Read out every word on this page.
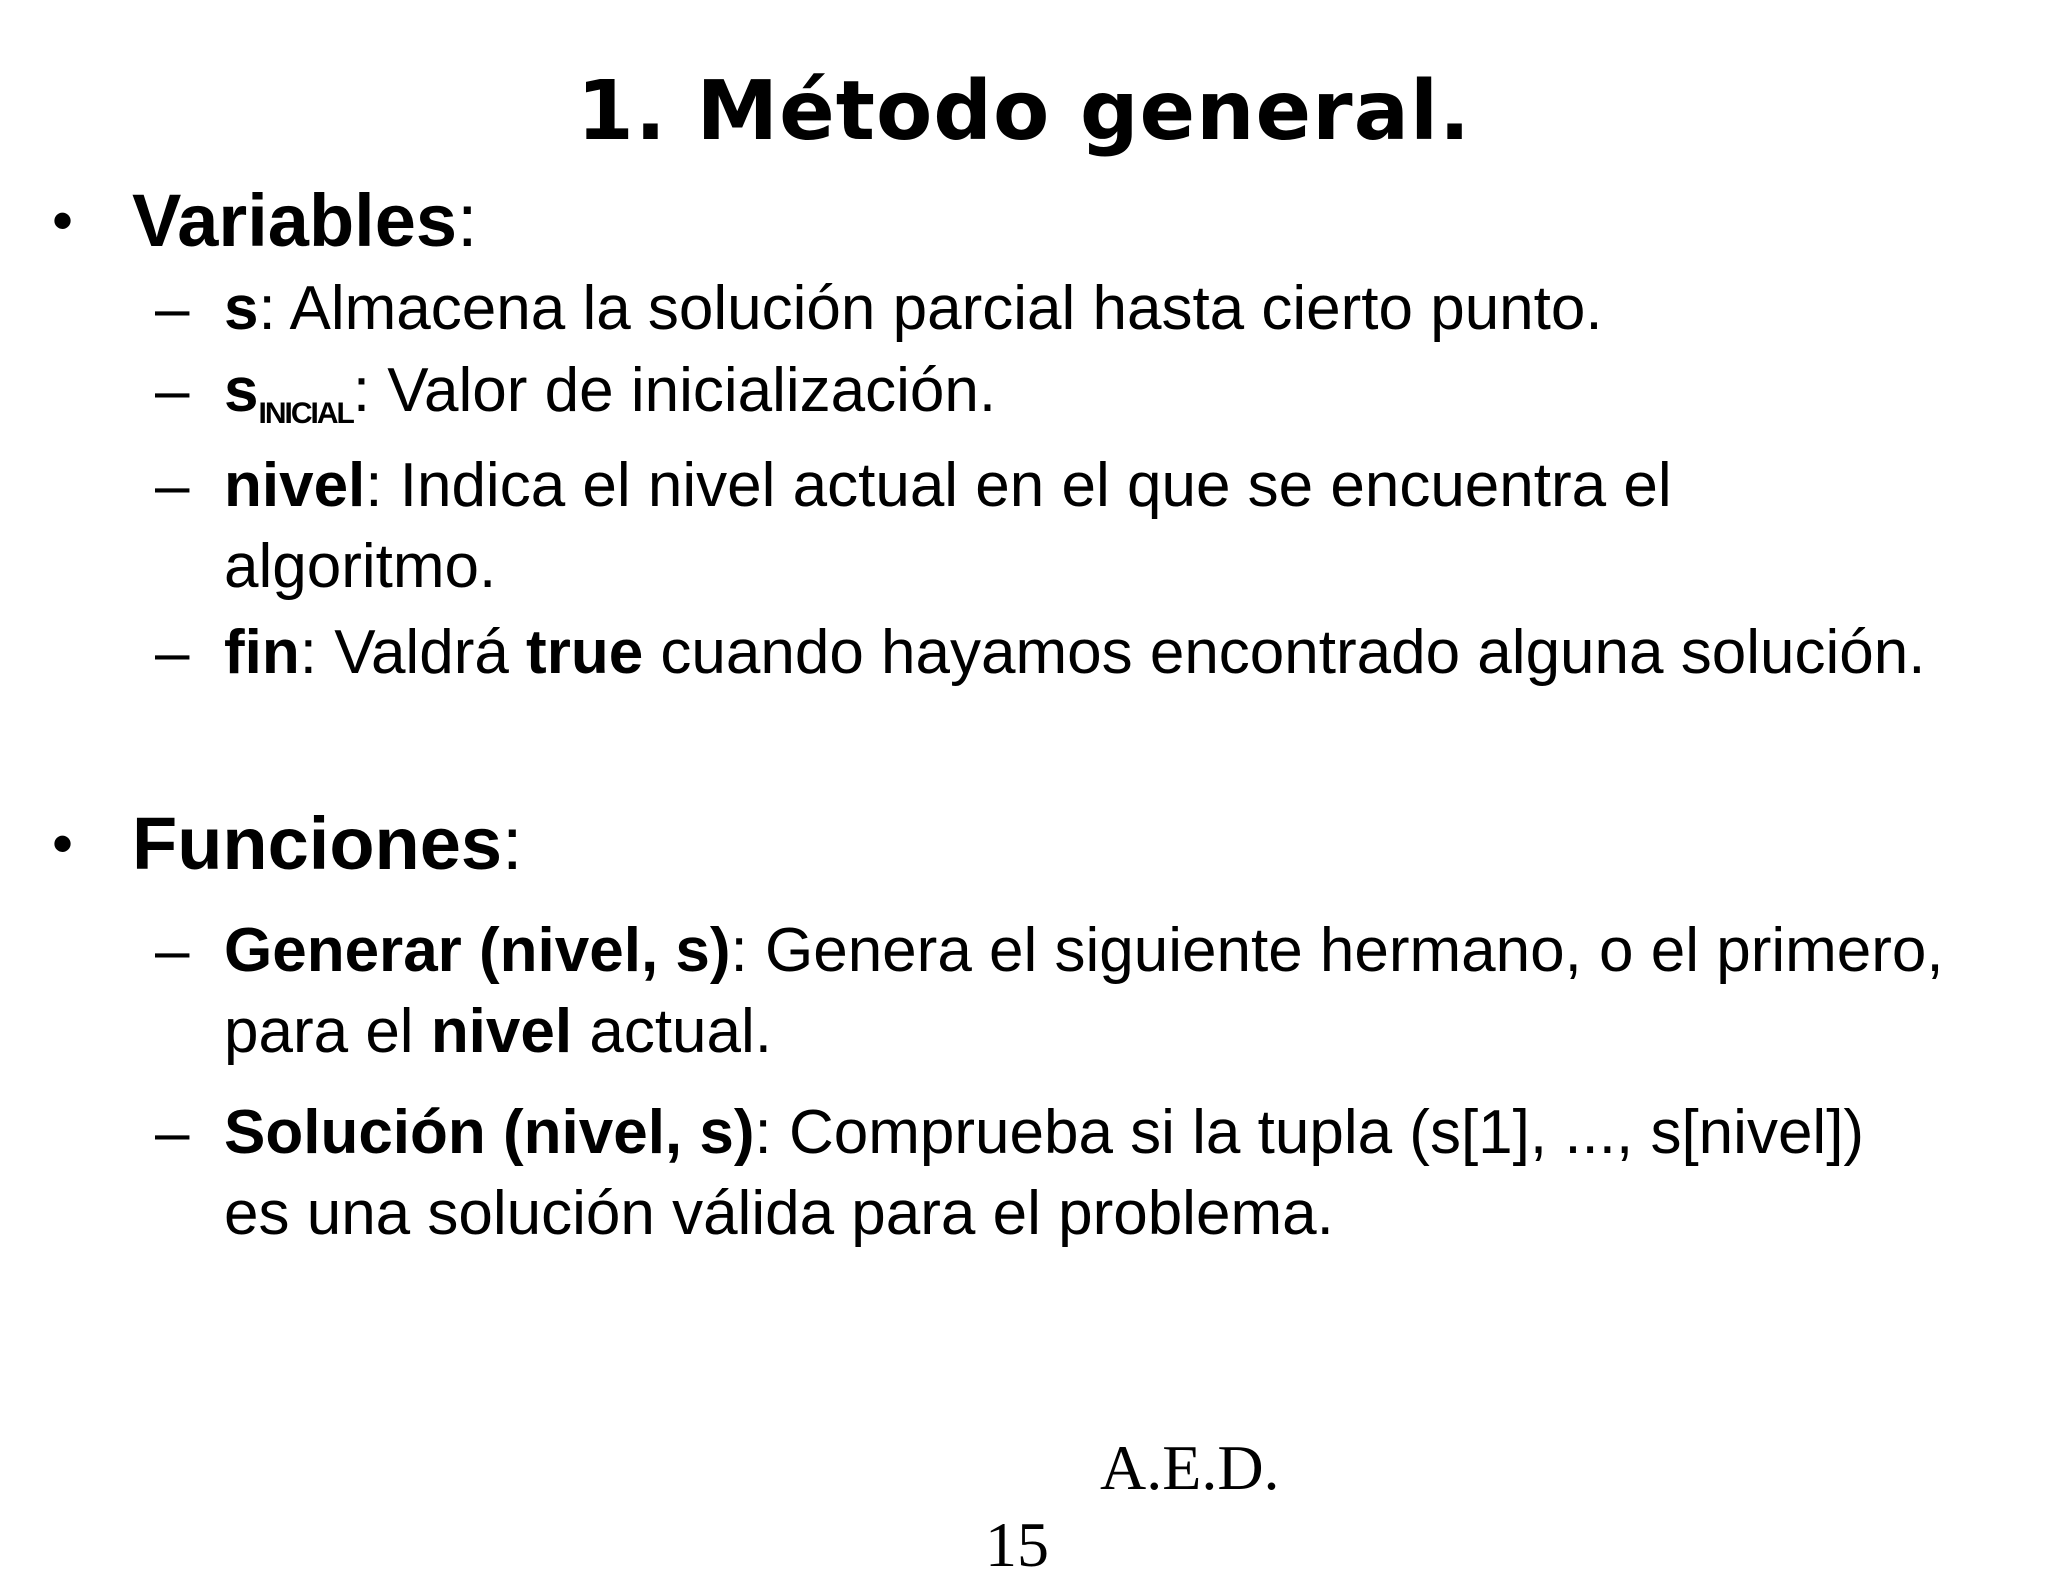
1. Método general.
• Variables:
– s: Almacena la solución parcial hasta cierto punto.
– $s_{INICIAL}$: Valor de inicialización.
– nivel: Indica el nivel actual en el que se encuentra el algoritmo.
– fin: Valdrá true cuando hayamos encontrado alguna solución.
• Funciones:
– Generar (nivel, s): Genera el siguiente hermano, o el primero, para el nivel actual.
– Solución (nivel, s): Comprueba si la tupla (s[1], ..., s[nivel]) es una solución válida para el problema.
A.E.D.
15
